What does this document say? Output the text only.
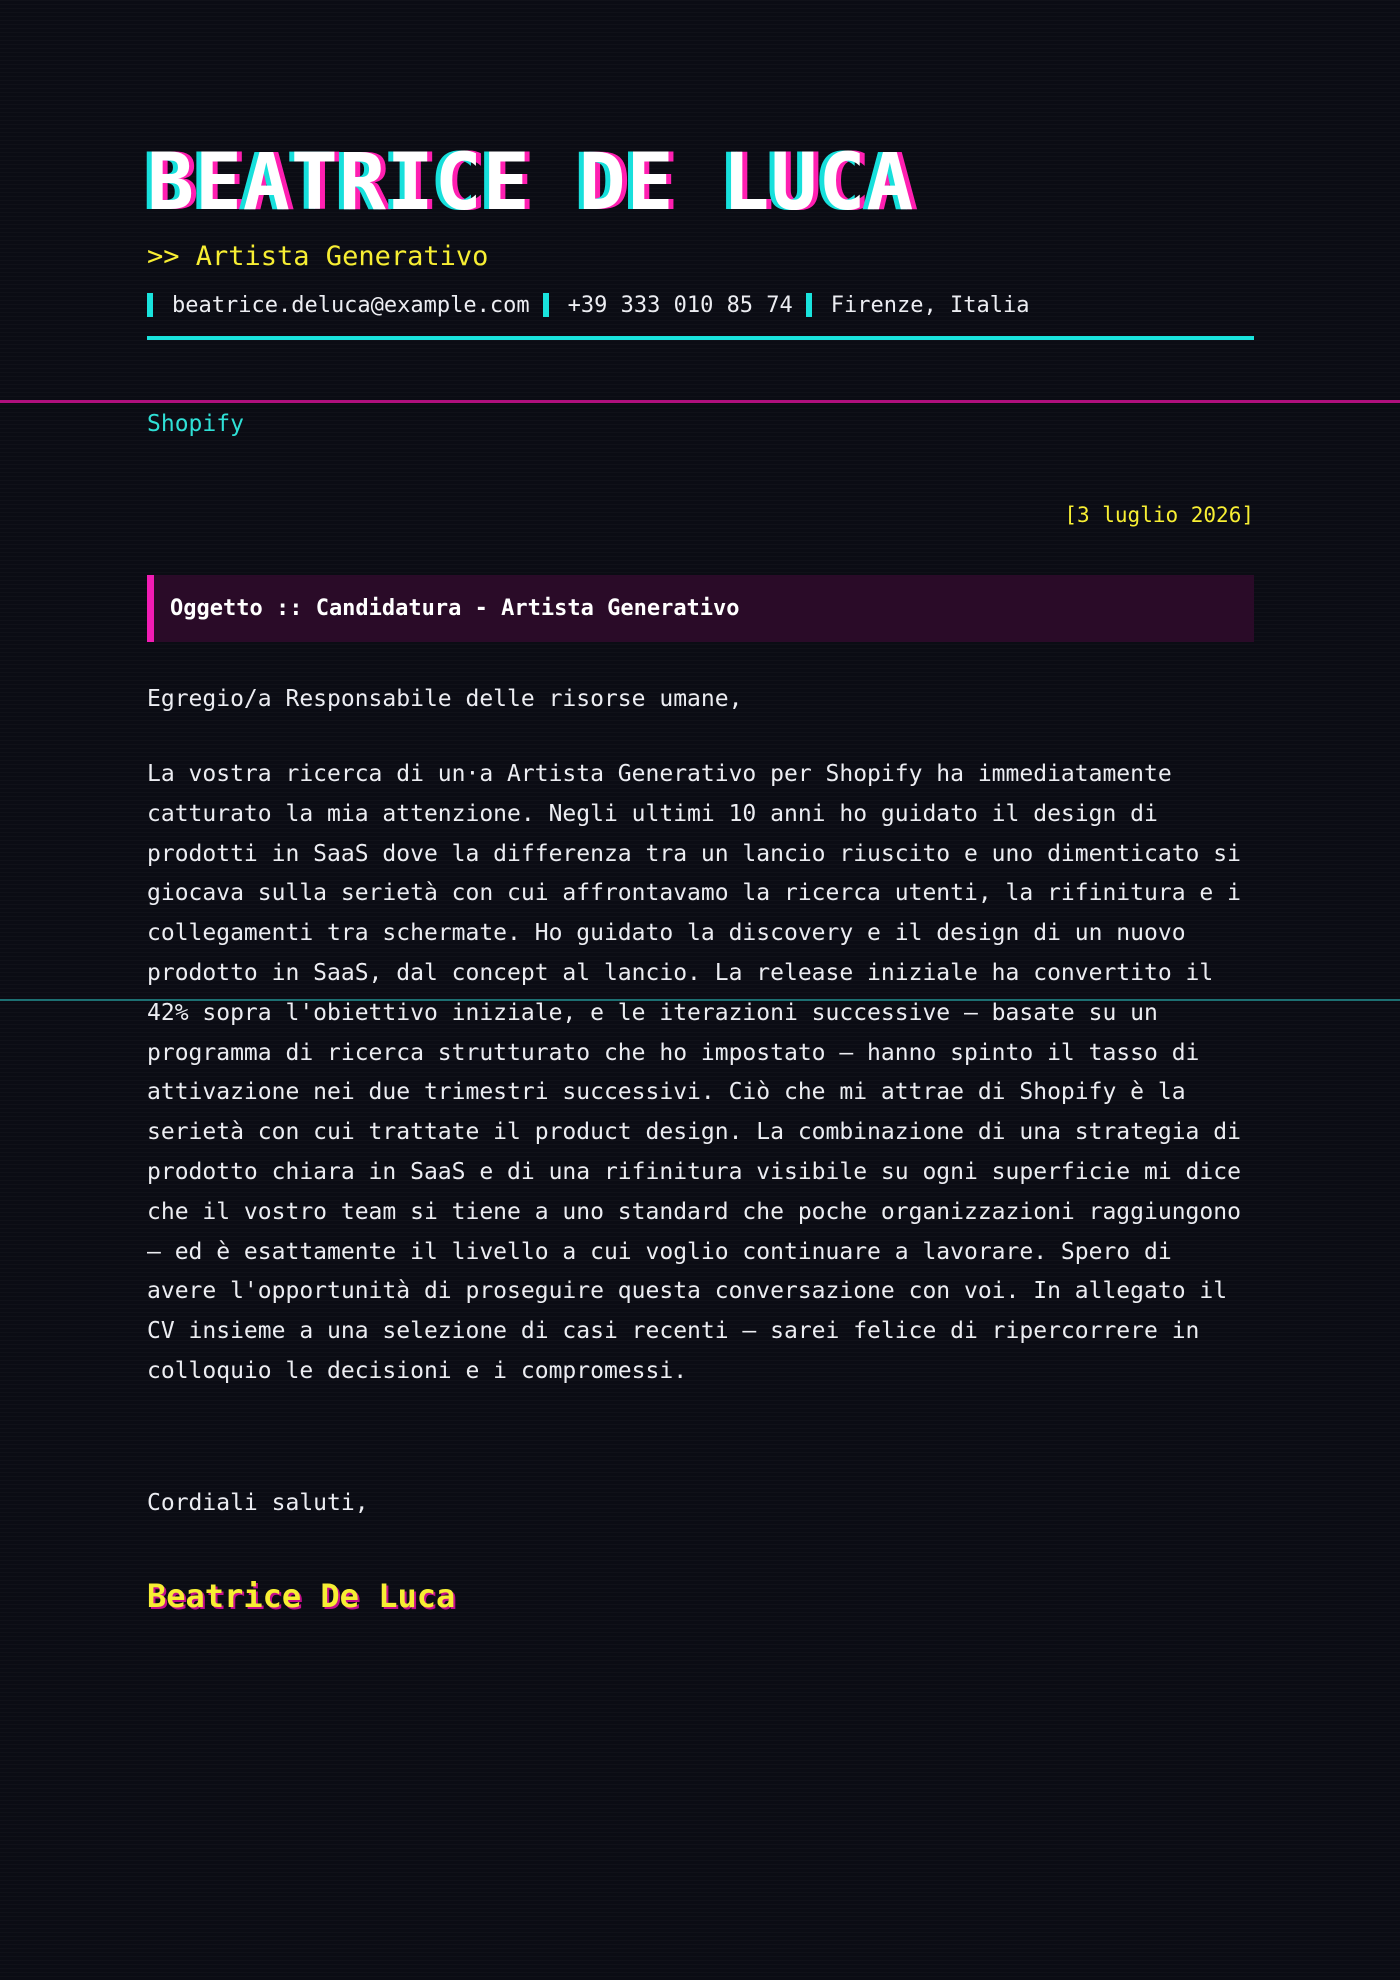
BEATRICE DE LUCA
>> Artista Generativo
beatrice.deluca@example.com +39 333 010 85 74 Firenze, Italia
Shopify
[3 luglio 2026]
Oggetto :: Candidatura - Artista Generativo
Egregio/a Responsabile delle risorse umane,

La vostra ricerca di un·a Artista Generativo per Shopify ha immediatamente catturato la mia attenzione. Negli ultimi 10 anni ho guidato il design di prodotti in SaaS dove la differenza tra un lancio riuscito e uno dimenticato si giocava sulla serietà con cui affrontavamo la ricerca utenti, la rifinitura e i collegamenti tra schermate. Ho guidato la discovery e il design di un nuovo prodotto in SaaS, dal concept al lancio. La release iniziale ha convertito il 42% sopra l'obiettivo iniziale, e le iterazioni successive — basate su un programma di ricerca strutturato che ho impostato — hanno spinto il tasso di attivazione nei due trimestri successivi. Ciò che mi attrae di Shopify è la serietà con cui trattate il product design. La combinazione di una strategia di prodotto chiara in SaaS e di una rifinitura visibile su ogni superficie mi dice che il vostro team si tiene a uno standard che poche organizzazioni raggiungono — ed è esattamente il livello a cui voglio continuare a lavorare. Spero di avere l'opportunità di proseguire questa conversazione con voi. In allegato il CV insieme a una selezione di casi recenti — sarei felice di ripercorrere in colloquio le decisioni e i compromessi.

Cordiali saluti,
Beatrice De Luca
